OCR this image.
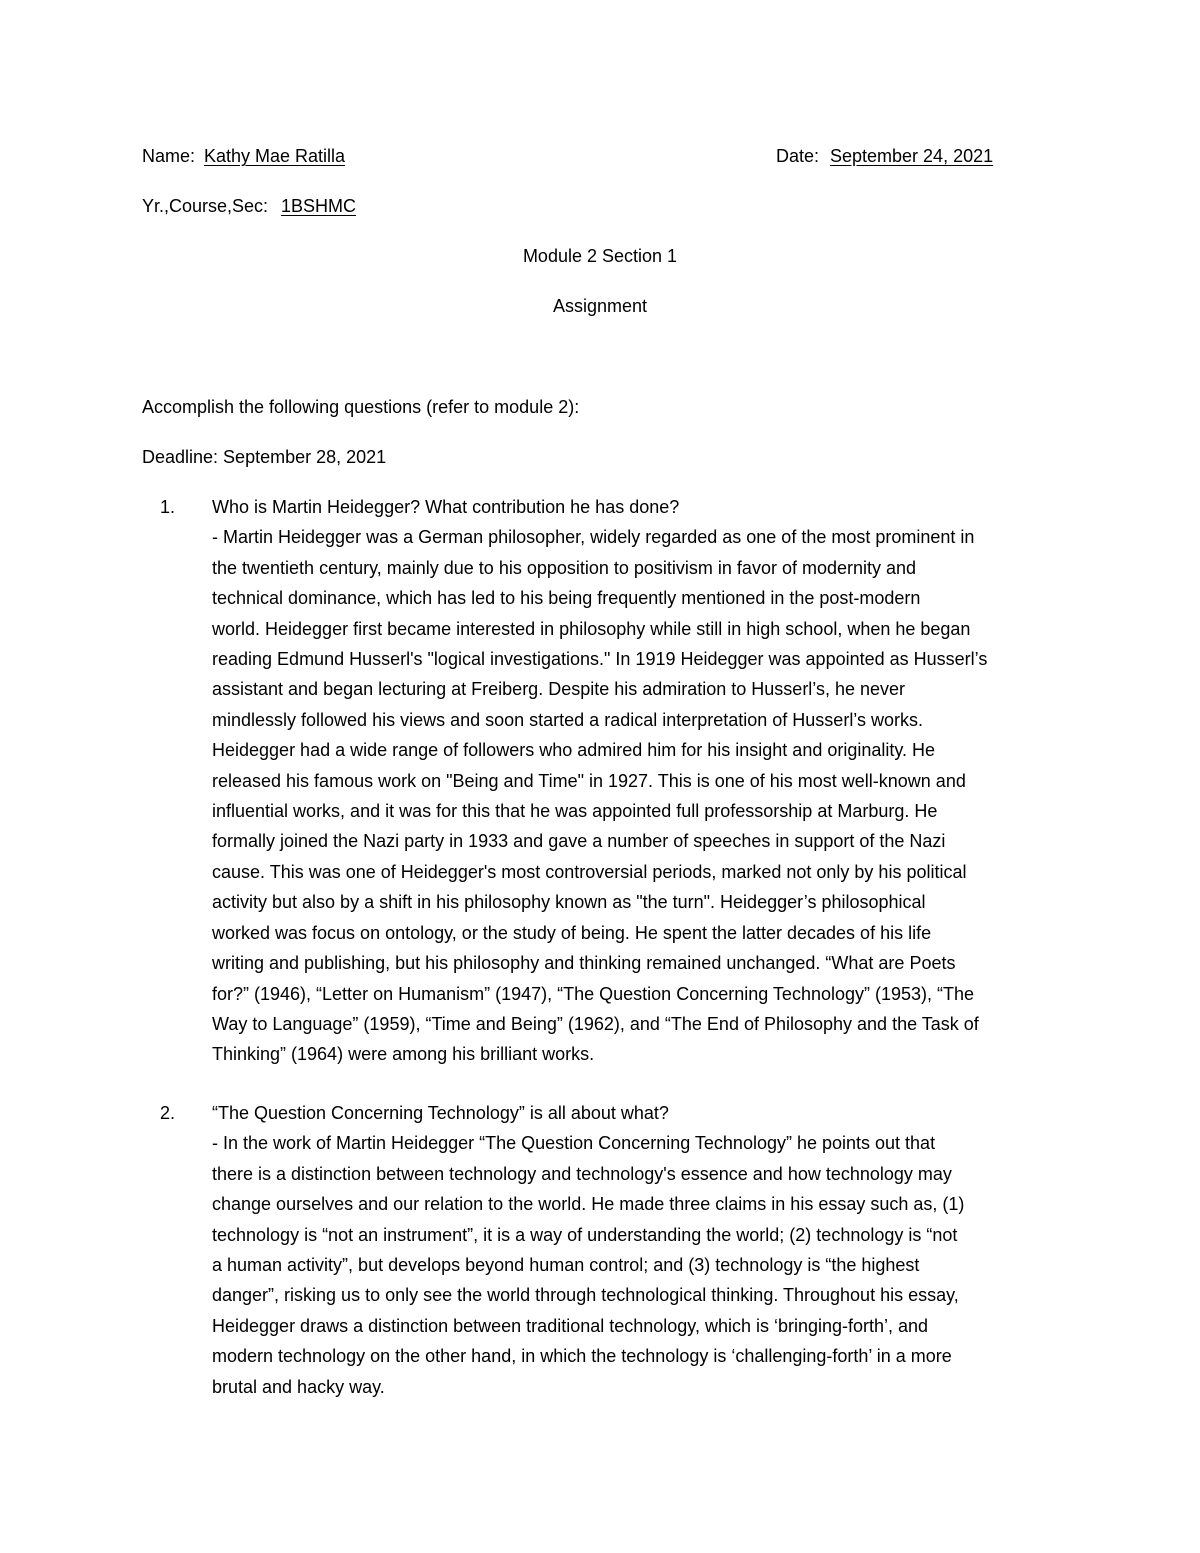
Name: Kathy Mae Ratilla	Date: September 24, 2021
Yr.,Course,Sec: 1BSHMC
Module 2 Section 1
Assignment
Accomplish the following questions (refer to module 2):
Deadline: September 28, 2021
1. Who is Martin Heidegger? What contribution he has done?
- Martin Heidegger was a German philosopher, widely regarded as one of the most prominent in
the twentieth century, mainly due to his opposition to positivism in favor of modernity and
technical dominance, which has led to his being frequently mentioned in the post-modern
world. Heidegger first became interested in philosophy while still in high school, when he began
reading Edmund Husserl's "logical investigations." In 1919 Heidegger was appointed as Husserl’s
assistant and began lecturing at Freiberg. Despite his admiration to Husserl’s, he never
mindlessly followed his views and soon started a radical interpretation of Husserl’s works.
Heidegger had a wide range of followers who admired him for his insight and originality. He
released his famous work on "Being and Time" in 1927. This is one of his most well-known and
influential works, and it was for this that he was appointed full professorship at Marburg. He
formally joined the Nazi party in 1933 and gave a number of speeches in support of the Nazi
cause. This was one of Heidegger's most controversial periods, marked not only by his political
activity but also by a shift in his philosophy known as "the turn". Heidegger’s philosophical
worked was focus on ontology, or the study of being. He spent the latter decades of his life
writing and publishing, but his philosophy and thinking remained unchanged. “What are Poets
for?” (1946), “Letter on Humanism” (1947), “The Question Concerning Technology” (1953), “The
Way to Language” (1959), “Time and Being” (1962), and “The End of Philosophy and the Task of
Thinking” (1964) were among his brilliant works.
2. “The Question Concerning Technology” is all about what?
- In the work of Martin Heidegger “The Question Concerning Technology” he points out that
there is a distinction between technology and technology's essence and how technology may
change ourselves and our relation to the world. He made three claims in his essay such as, (1)
technology is “not an instrument”, it is a way of understanding the world; (2) technology is “not
a human activity”, but develops beyond human control; and (3) technology is “the highest
danger”, risking us to only see the world through technological thinking. Throughout his essay,
Heidegger draws a distinction between traditional technology, which is ‘bringing-forth’, and
modern technology on the other hand, in which the technology is ‘challenging-forth’ in a more
brutal and hacky way.
